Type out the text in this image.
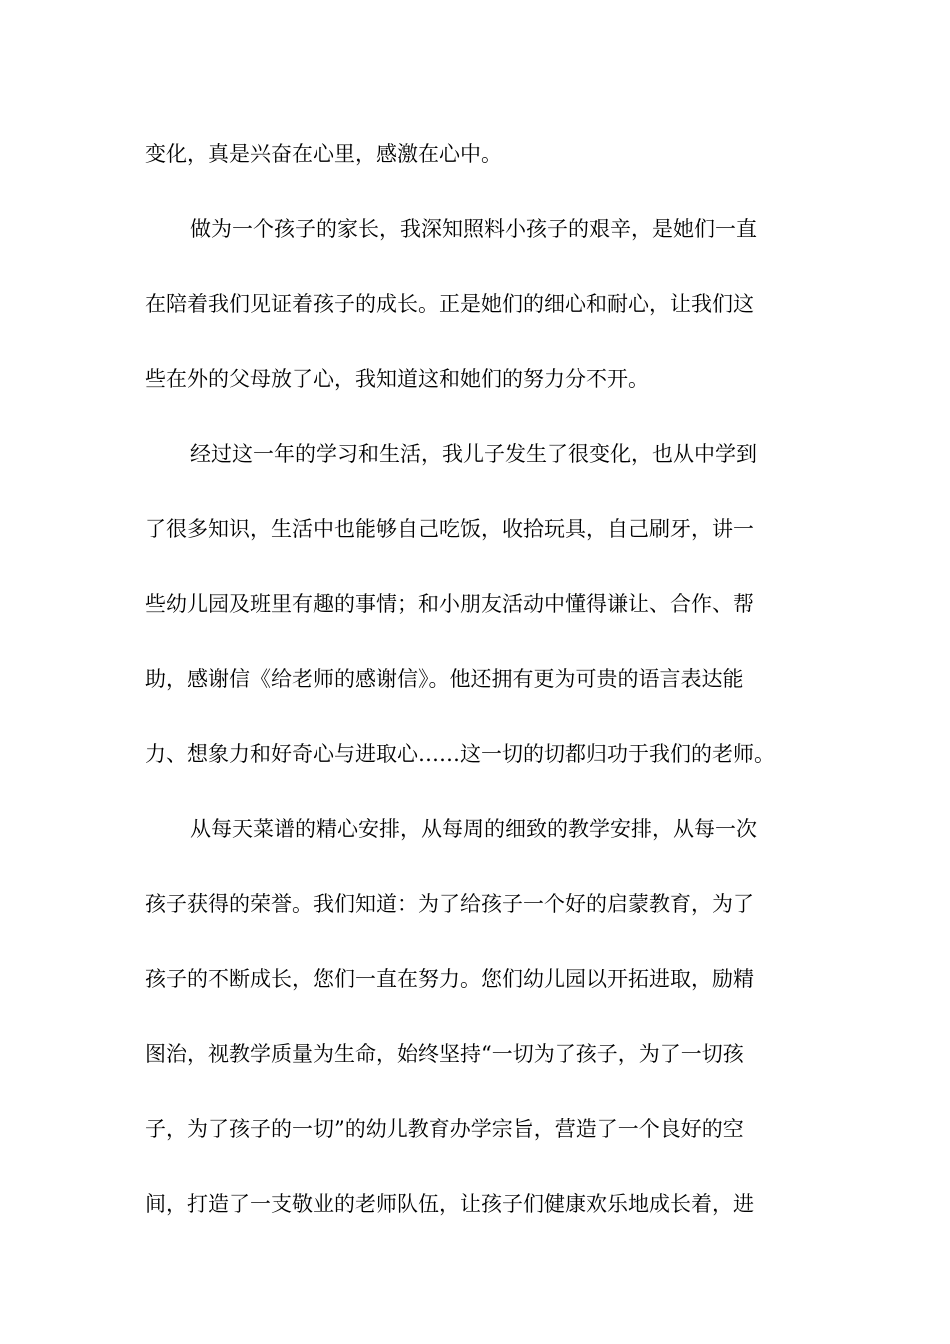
变化，真是兴奋在心里，感激在心中。
做为一个孩子的家长，我深知照料小孩子的艰辛，是她们一直
在陪着我们见证着孩子的成长。正是她们的细心和耐心，让我们这
些在外的父母放了心，我知道这和她们的努力分不开。
经过这一年的学习和生活，我儿子发生了很变化，也从中学到
了很多知识，生活中也能够自己吃饭，收拾玩具，自己刷牙，讲一
些幼儿园及班里有趣的事情；和小朋友活动中懂得谦让、合作、帮
助，感谢信《给老师的感谢信》。他还拥有更为可贵的语言表达能
力、想象力和好奇心与进取心……这一切的切都归功于我们的老师。
从每天菜谱的精心安排，从每周的细致的教学安排，从每一次
孩子获得的荣誉。我们知道：为了给孩子一个好的启蒙教育，为了
孩子的不断成长，您们一直在努力。您们幼儿园以开拓进取，励精
图治，视教学质量为生命，始终坚持“一切为了孩子，为了一切孩
子，为了孩子的一切”的幼儿教育办学宗旨，营造了一个良好的空
间，打造了一支敬业的老师队伍，让孩子们健康欢乐地成长着，进
